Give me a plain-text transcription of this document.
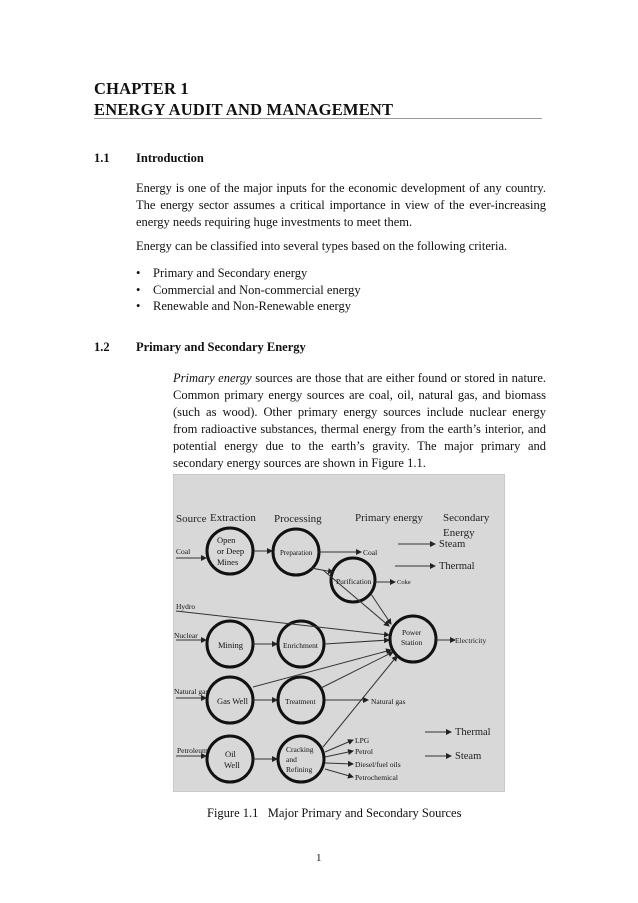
CHAPTER 1
ENERGY AUDIT AND MANAGEMENT
1.1 Introduction

Energy is one of the major inputs for the economic development of any country. The energy sector assumes a critical importance in view of the ever-increasing energy needs requiring huge investments to meet them.

Energy can be classified into several types based on the following criteria.

•	Primary and Secondary energy
•	Commercial and Non-commercial energy
•	Renewable and Non-Renewable energy
1.2 Primary and Secondary Energy

Primary energy sources are those that are either found or stored in nature. Common primary energy sources are coal, oil, natural gas, and biomass (such as wood). Other primary energy sources include nuclear energy from radioactive substances, thermal energy from the earth’s interior, and potential energy due to the earth’s gravity. The major primary and secondary energy sources are shown in Figure 1.1.

Source Extraction Processing	Primary energy Secondary
Energy
Open
or Deep
Mines
Preparation
Purification
Mining	Enrichment
Gas Well	Treatment
Oil
Well
Cracking
and
Refining
Power
Station
Coal
Hydro
Nuclear
Natural gas
Petroleum
Coal
Coke
Natural gas
LPG
Petrol
Diesel/fuel oils
Petrochemical
Steam
Thermal
Electricity
Thermal
Steam
Figure 1.1   Major Primary and Secondary Sources
1
